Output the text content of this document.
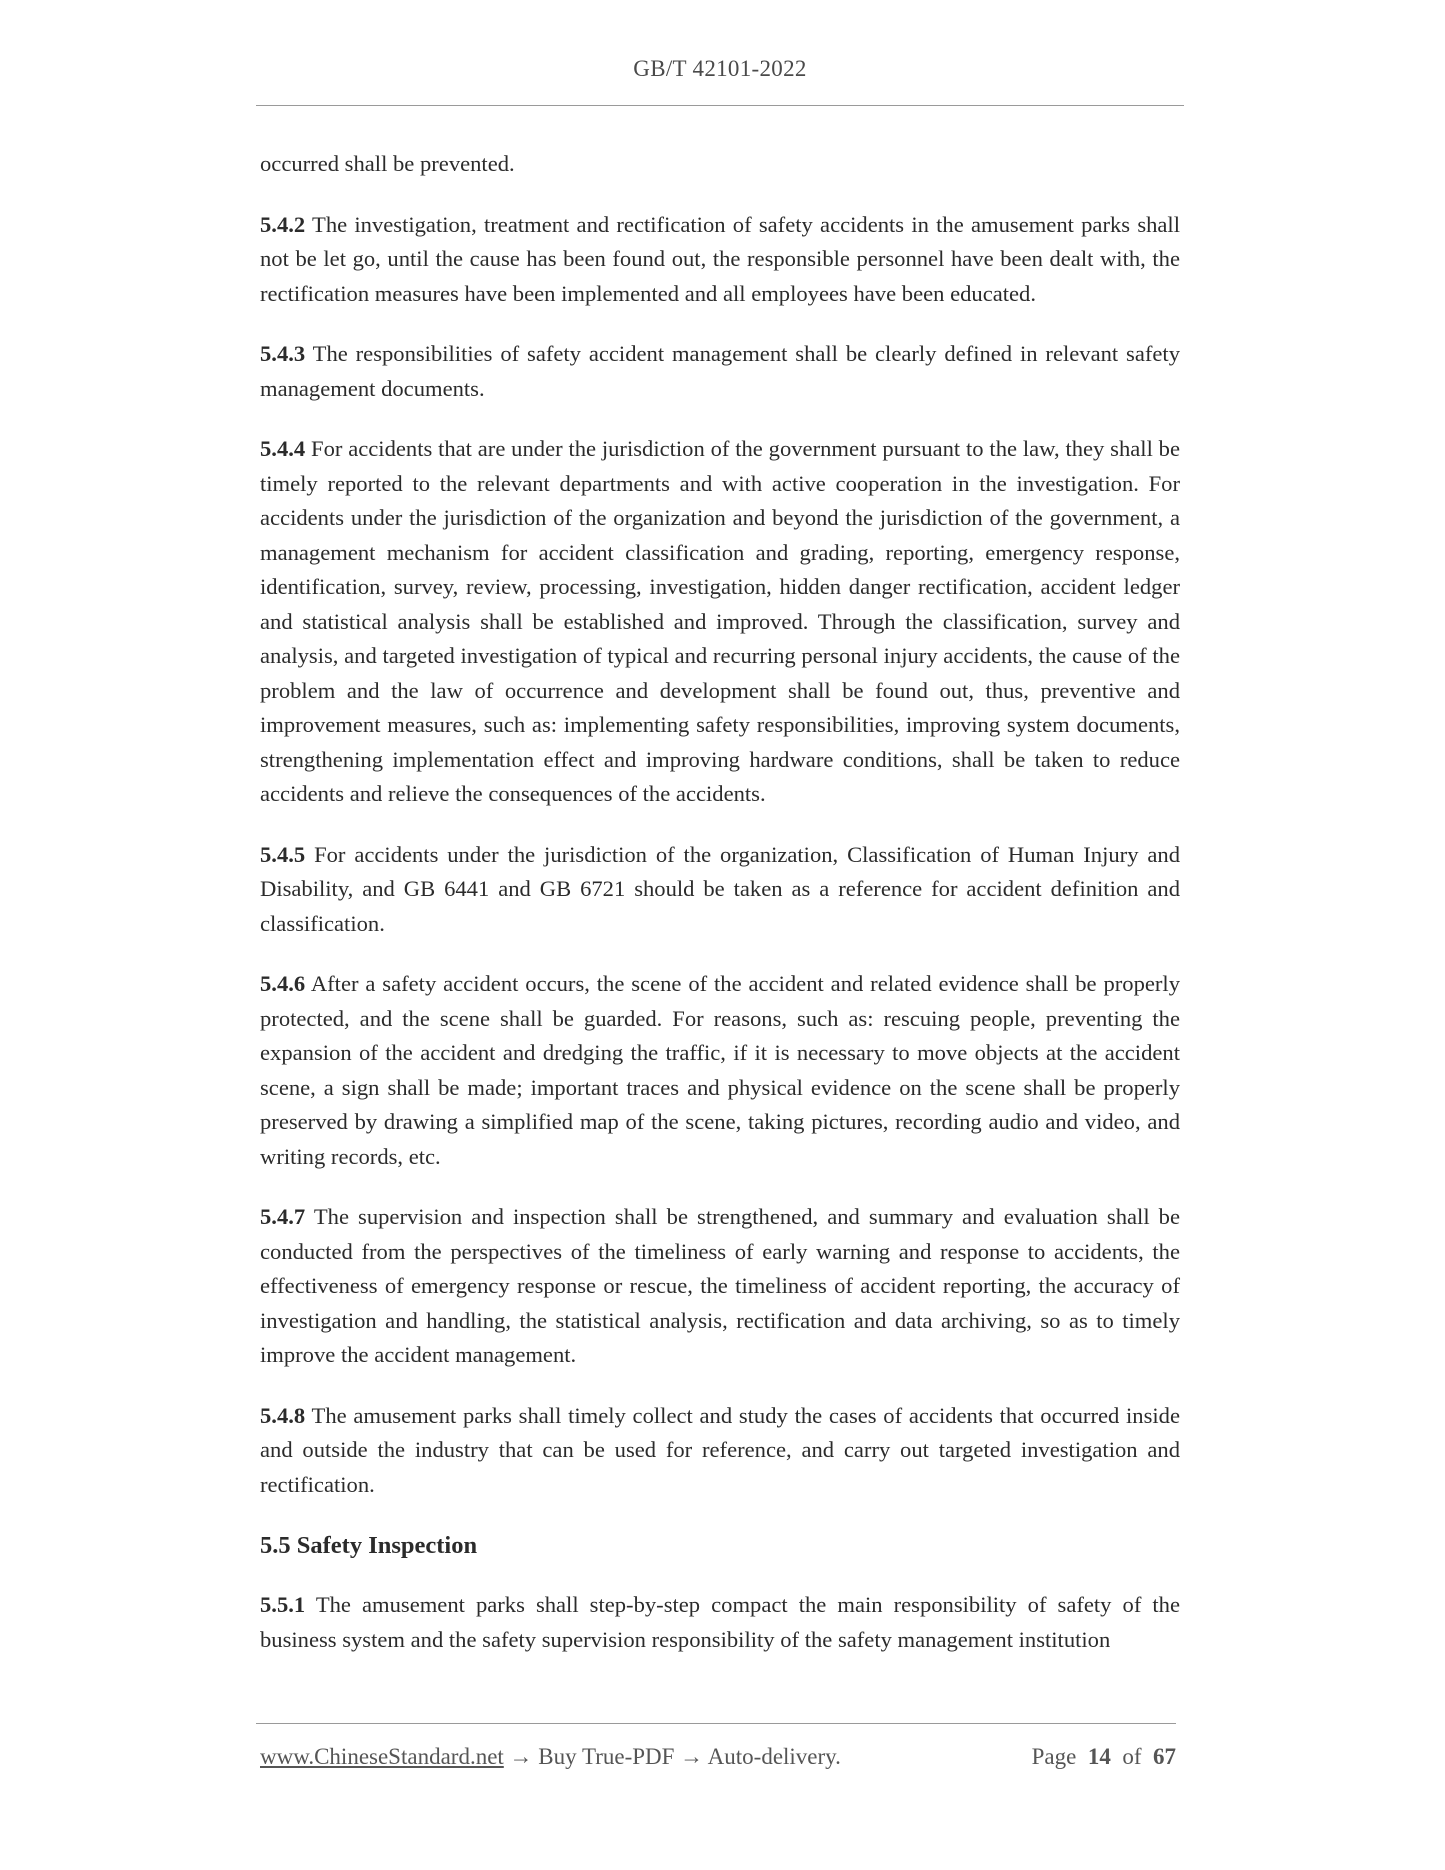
GB/T 42101-2022

occurred shall be prevented.

5.4.2 The investigation, treatment and rectification of safety accidents in the amusement parks shall not be let go, until the cause has been found out, the responsible personnel have been dealt with, the rectification measures have been implemented and all employees have been educated.

5.4.3 The responsibilities of safety accident management shall be clearly defined in relevant safety management documents.

5.4.4 For accidents that are under the jurisdiction of the government pursuant to the law, they shall be timely reported to the relevant departments and with active cooperation in the investigation. For accidents under the jurisdiction of the organization and beyond the jurisdiction of the government, a management mechanism for accident classification and grading, reporting, emergency response, identification, survey, review, processing, investigation, hidden danger rectification, accident ledger and statistical analysis shall be established and improved. Through the classification, survey and analysis, and targeted investigation of typical and recurring personal injury accidents, the cause of the problem and the law of occurrence and development shall be found out, thus, preventive and improvement measures, such as: implementing safety responsibilities, improving system documents, strengthening implementation effect and improving hardware conditions, shall be taken to reduce accidents and relieve the consequences of the accidents.

5.4.5 For accidents under the jurisdiction of the organization, Classification of Human Injury and Disability, and GB 6441 and GB 6721 should be taken as a reference for accident definition and classification.

5.4.6 After a safety accident occurs, the scene of the accident and related evidence shall be properly protected, and the scene shall be guarded. For reasons, such as: rescuing people, preventing the expansion of the accident and dredging the traffic, if it is necessary to move objects at the accident scene, a sign shall be made; important traces and physical evidence on the scene shall be properly preserved by drawing a simplified map of the scene, taking pictures, recording audio and video, and writing records, etc.

5.4.7 The supervision and inspection shall be strengthened, and summary and evaluation shall be conducted from the perspectives of the timeliness of early warning and response to accidents, the effectiveness of emergency response or rescue, the timeliness of accident reporting, the accuracy of investigation and handling, the statistical analysis, rectification and data archiving, so as to timely improve the accident management.

5.4.8 The amusement parks shall timely collect and study the cases of accidents that occurred inside and outside the industry that can be used for reference, and carry out targeted investigation and rectification.

5.5 Safety Inspection

5.5.1 The amusement parks shall step-by-step compact the main responsibility of safety of the business system and the safety supervision responsibility of the safety management institution

www.ChineseStandard.net → Buy True-PDF → Auto-delivery.	Page 14 of 67
